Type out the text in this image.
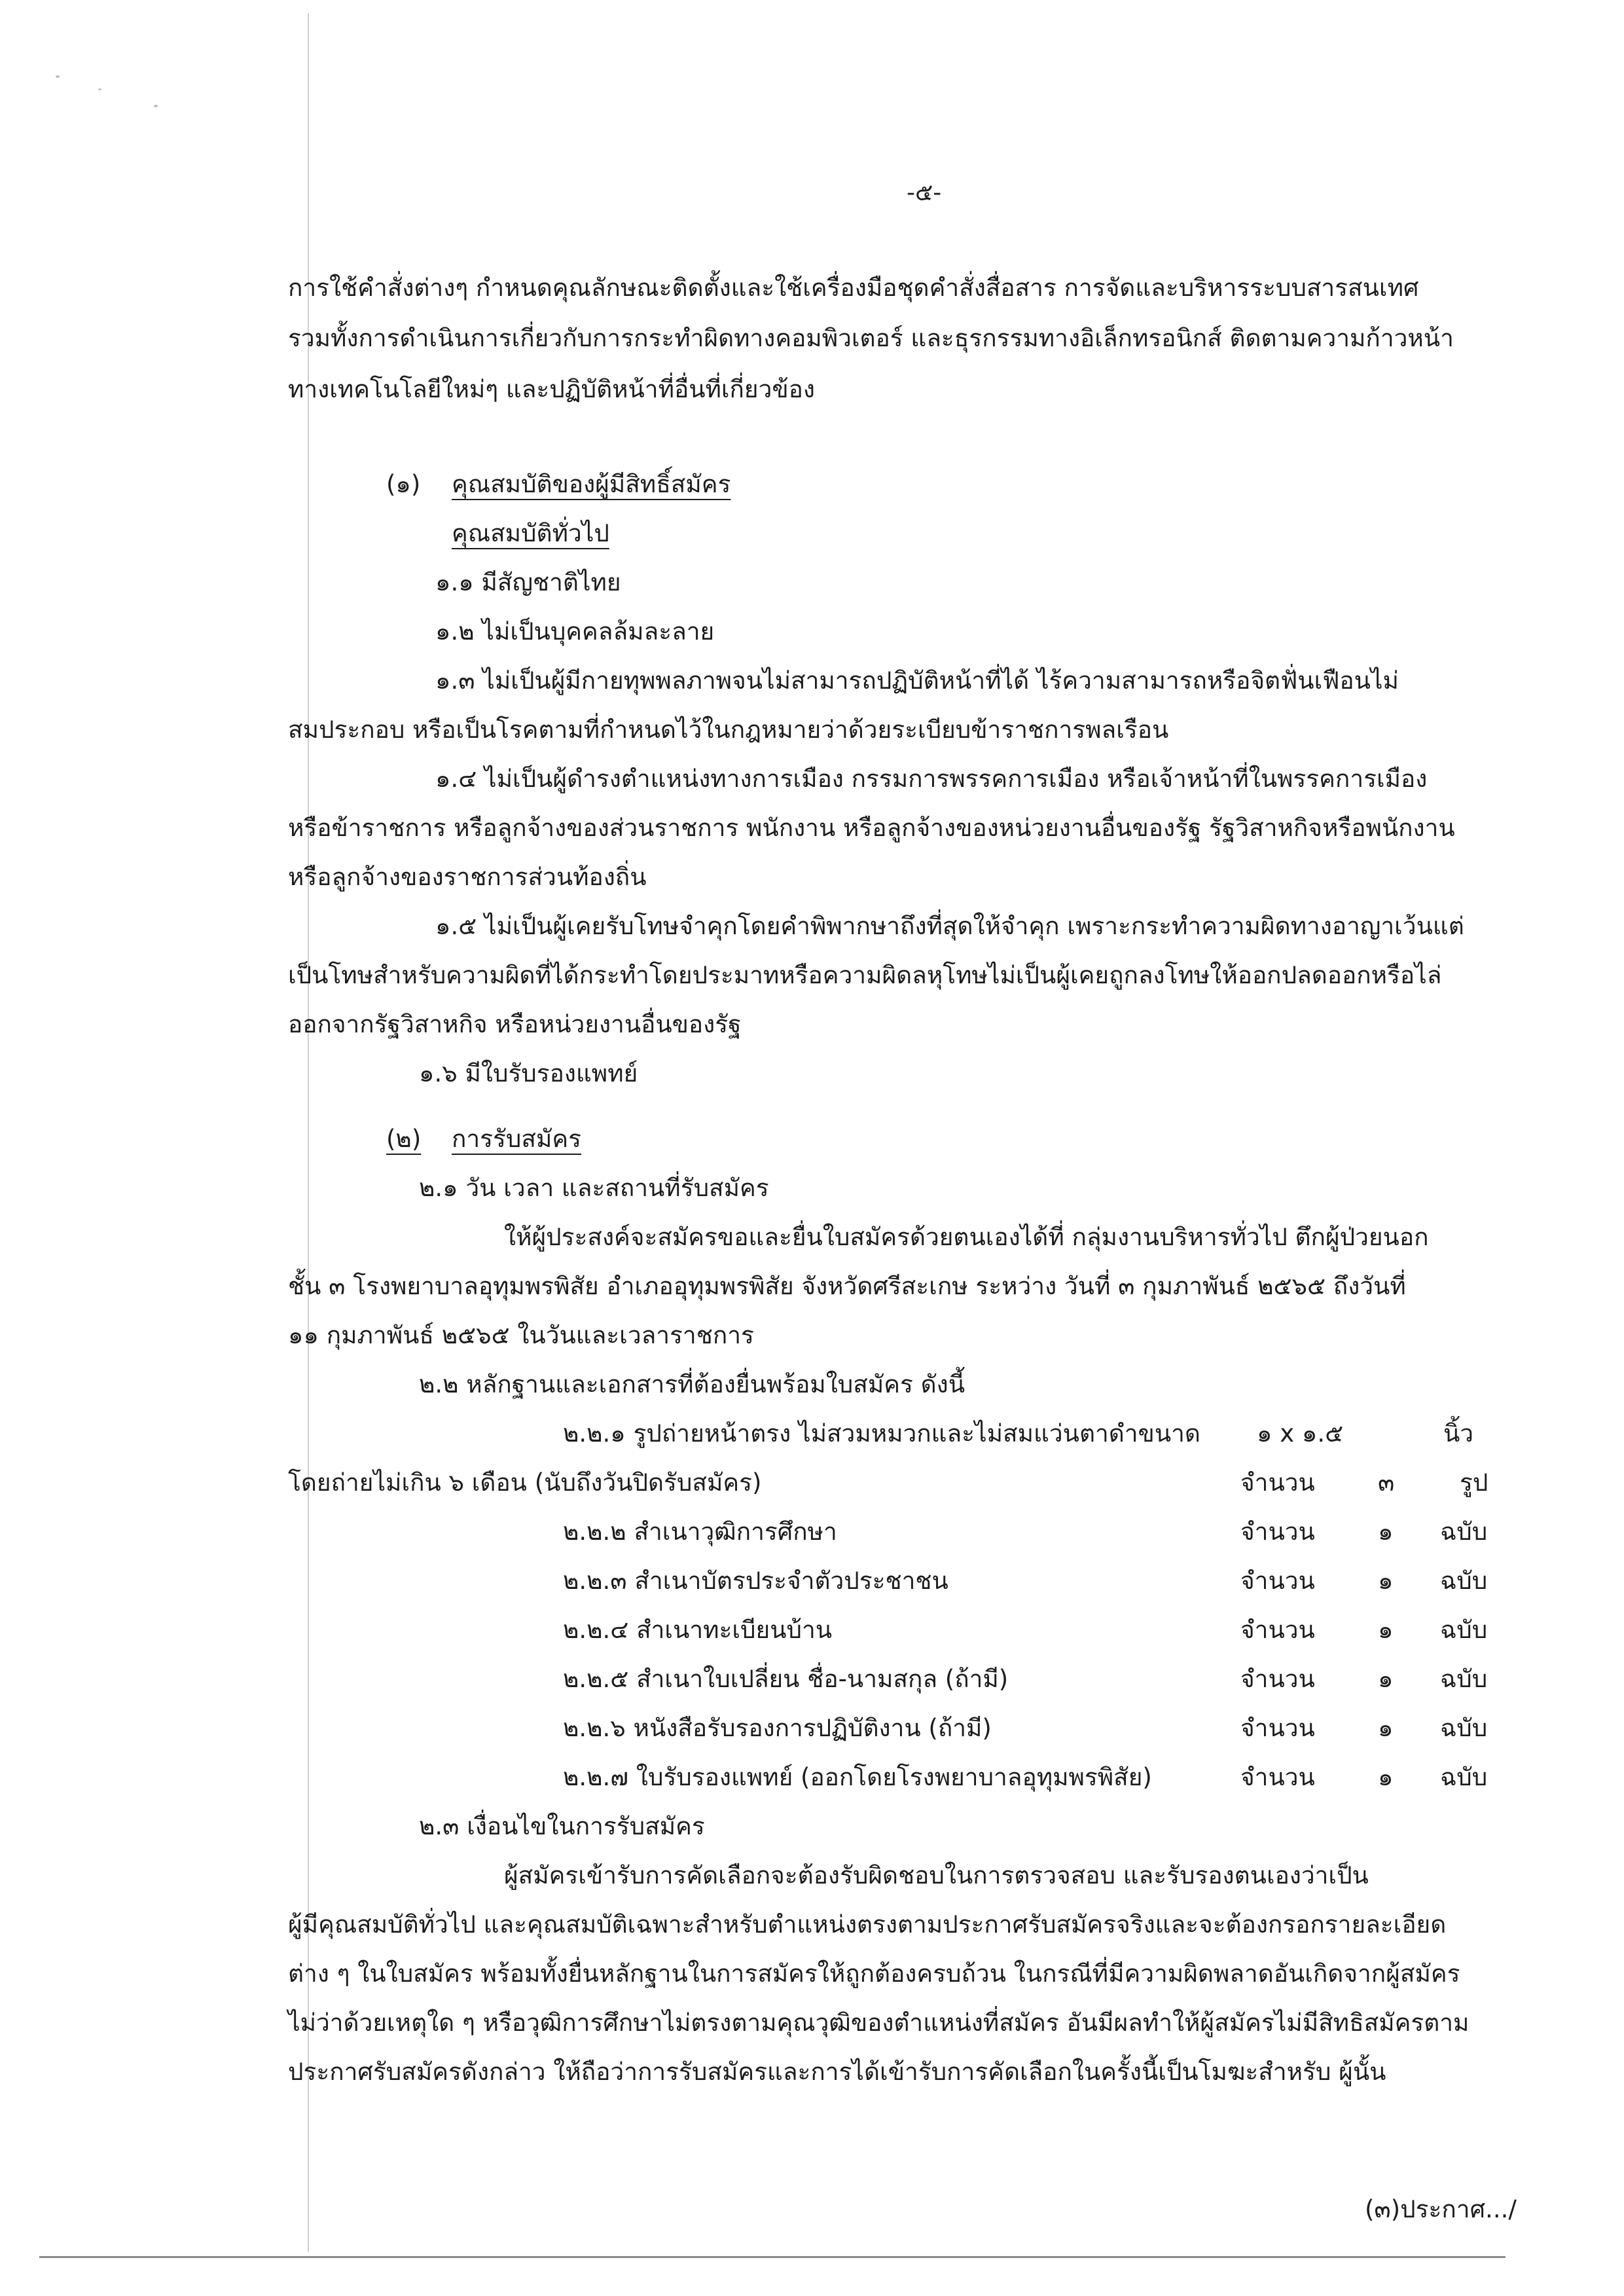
-๕-
การใช้คำสั่งต่างๆ กำหนดคุณลักษณะติดตั้งและใช้เครื่องมือชุดคำสั่งสื่อสาร การจัดและบริหารระบบสารสนเทศ
รวมทั้งการดำเนินการเกี่ยวกับการกระทำผิดทางคอมพิวเตอร์ และธุรกรรมทางอิเล็กทรอนิกส์ ติดตามความก้าวหน้า
ทางเทคโนโลยีใหม่ๆ และปฏิบัติหน้าที่อื่นที่เกี่ยวข้อง
(๑) คุณสมบัติของผู้มีสิทธิ์สมัคร
คุณสมบัติทั่วไป
๑.๑ มีสัญชาติไทย
๑.๒ ไม่เป็นบุคคลล้มละลาย
๑.๓ ไม่เป็นผู้มีกายทุพพลภาพจนไม่สามารถปฏิบัติหน้าที่ได้ ไร้ความสามารถหรือจิตฟั่นเฟือนไม่
สมประกอบ หรือเป็นโรคตามที่กำหนดไว้ในกฎหมายว่าด้วยระเบียบข้าราชการพลเรือน
๑.๔ ไม่เป็นผู้ดำรงตำแหน่งทางการเมือง กรรมการพรรคการเมือง หรือเจ้าหน้าที่ในพรรคการเมือง
หรือข้าราชการ หรือลูกจ้างของส่วนราชการ พนักงาน หรือลูกจ้างของหน่วยงานอื่นของรัฐ รัฐวิสาหกิจหรือพนักงาน
หรือลูกจ้างของราชการส่วนท้องถิ่น
๑.๕ ไม่เป็นผู้เคยรับโทษจำคุกโดยคำพิพากษาถึงที่สุดให้จำคุก เพราะกระทำความผิดทางอาญาเว้นแต่
เป็นโทษสำหรับความผิดที่ได้กระทำโดยประมาทหรือความผิดลหุโทษไม่เป็นผู้เคยถูกลงโทษให้ออกปลดออกหรือไล่
ออกจากรัฐวิสาหกิจ หรือหน่วยงานอื่นของรัฐ
๑.๖ มีใบรับรองแพทย์
(๒) การรับสมัคร
๒.๑ วัน เวลา และสถานที่รับสมัคร
ให้ผู้ประสงค์จะสมัครขอและยื่นใบสมัครด้วยตนเองได้ที่ กลุ่มงานบริหารทั่วไป ตึกผู้ป่วยนอก
ชั้น ๓ โรงพยาบาลอุทุมพรพิสัย อำเภออุทุมพรพิสัย จังหวัดศรีสะเกษ ระหว่าง วันที่ ๓ กุมภาพันธ์ ๒๕๖๕ ถึงวันที่
๑๑ กุมภาพันธ์ ๒๕๖๕ ในวันและเวลาราชการ
๒.๒ หลักฐานและเอกสารที่ต้องยื่นพร้อมใบสมัคร ดังนี้
๒.๒.๑ รูปถ่ายหน้าตรง ไม่สวมหมวกและไม่สมแว่นตาดำขนาด ๑ x ๑.๕	นิ้ว
โดยถ่ายไม่เกิน ๖ เดือน (นับถึงวันปิดรับสมัคร)	จำนวน	๓	รูป
๒.๒.๒ สำเนาวุฒิการศึกษา	จำนวน	๑ ฉบับ
๒.๒.๓ สำเนาบัตรประจำตัวประชาชน	จำนวน	๑ ฉบับ
๒.๒.๔ สำเนาทะเบียนบ้าน	จำนวน	๑ ฉบับ
๒.๒.๕ สำเนาใบเปลี่ยน ชื่อ-นามสกุล (ถ้ามี)	จำนวน	๑ ฉบับ
๒.๒.๖ หนังสือรับรองการปฏิบัติงาน (ถ้ามี)	จำนวน	๑ ฉบับ
๒.๒.๗ ใบรับรองแพทย์ (ออกโดยโรงพยาบาลอุทุมพรพิสัย)	จำนวน	๑ ฉบับ
๒.๓ เงื่อนไขในการรับสมัคร
ผู้สมัครเข้ารับการคัดเลือกจะต้องรับผิดชอบในการตรวจสอบ และรับรองตนเองว่าเป็น
ผู้มีคุณสมบัติทั่วไป และคุณสมบัติเฉพาะสำหรับตำแหน่งตรงตามประกาศรับสมัครจริงและจะต้องกรอกรายละเอียด
ต่าง ๆ ในใบสมัคร พร้อมทั้งยื่นหลักฐานในการสมัครให้ถูกต้องครบถ้วน ในกรณีที่มีความผิดพลาดอันเกิดจากผู้สมัคร
ไม่ว่าด้วยเหตุใด ๆ หรือวุฒิการศึกษาไม่ตรงตามคุณวุฒิของตำแหน่งที่สมัคร อันมีผลทำให้ผู้สมัครไม่มีสิทธิสมัครตาม
ประกาศรับสมัครดังกล่าว ให้ถือว่าการรับสมัครและการได้เข้ารับการคัดเลือกในครั้งนี้เป็นโมฆะสำหรับ ผู้นั้น
(๓)ประกาศ.../
